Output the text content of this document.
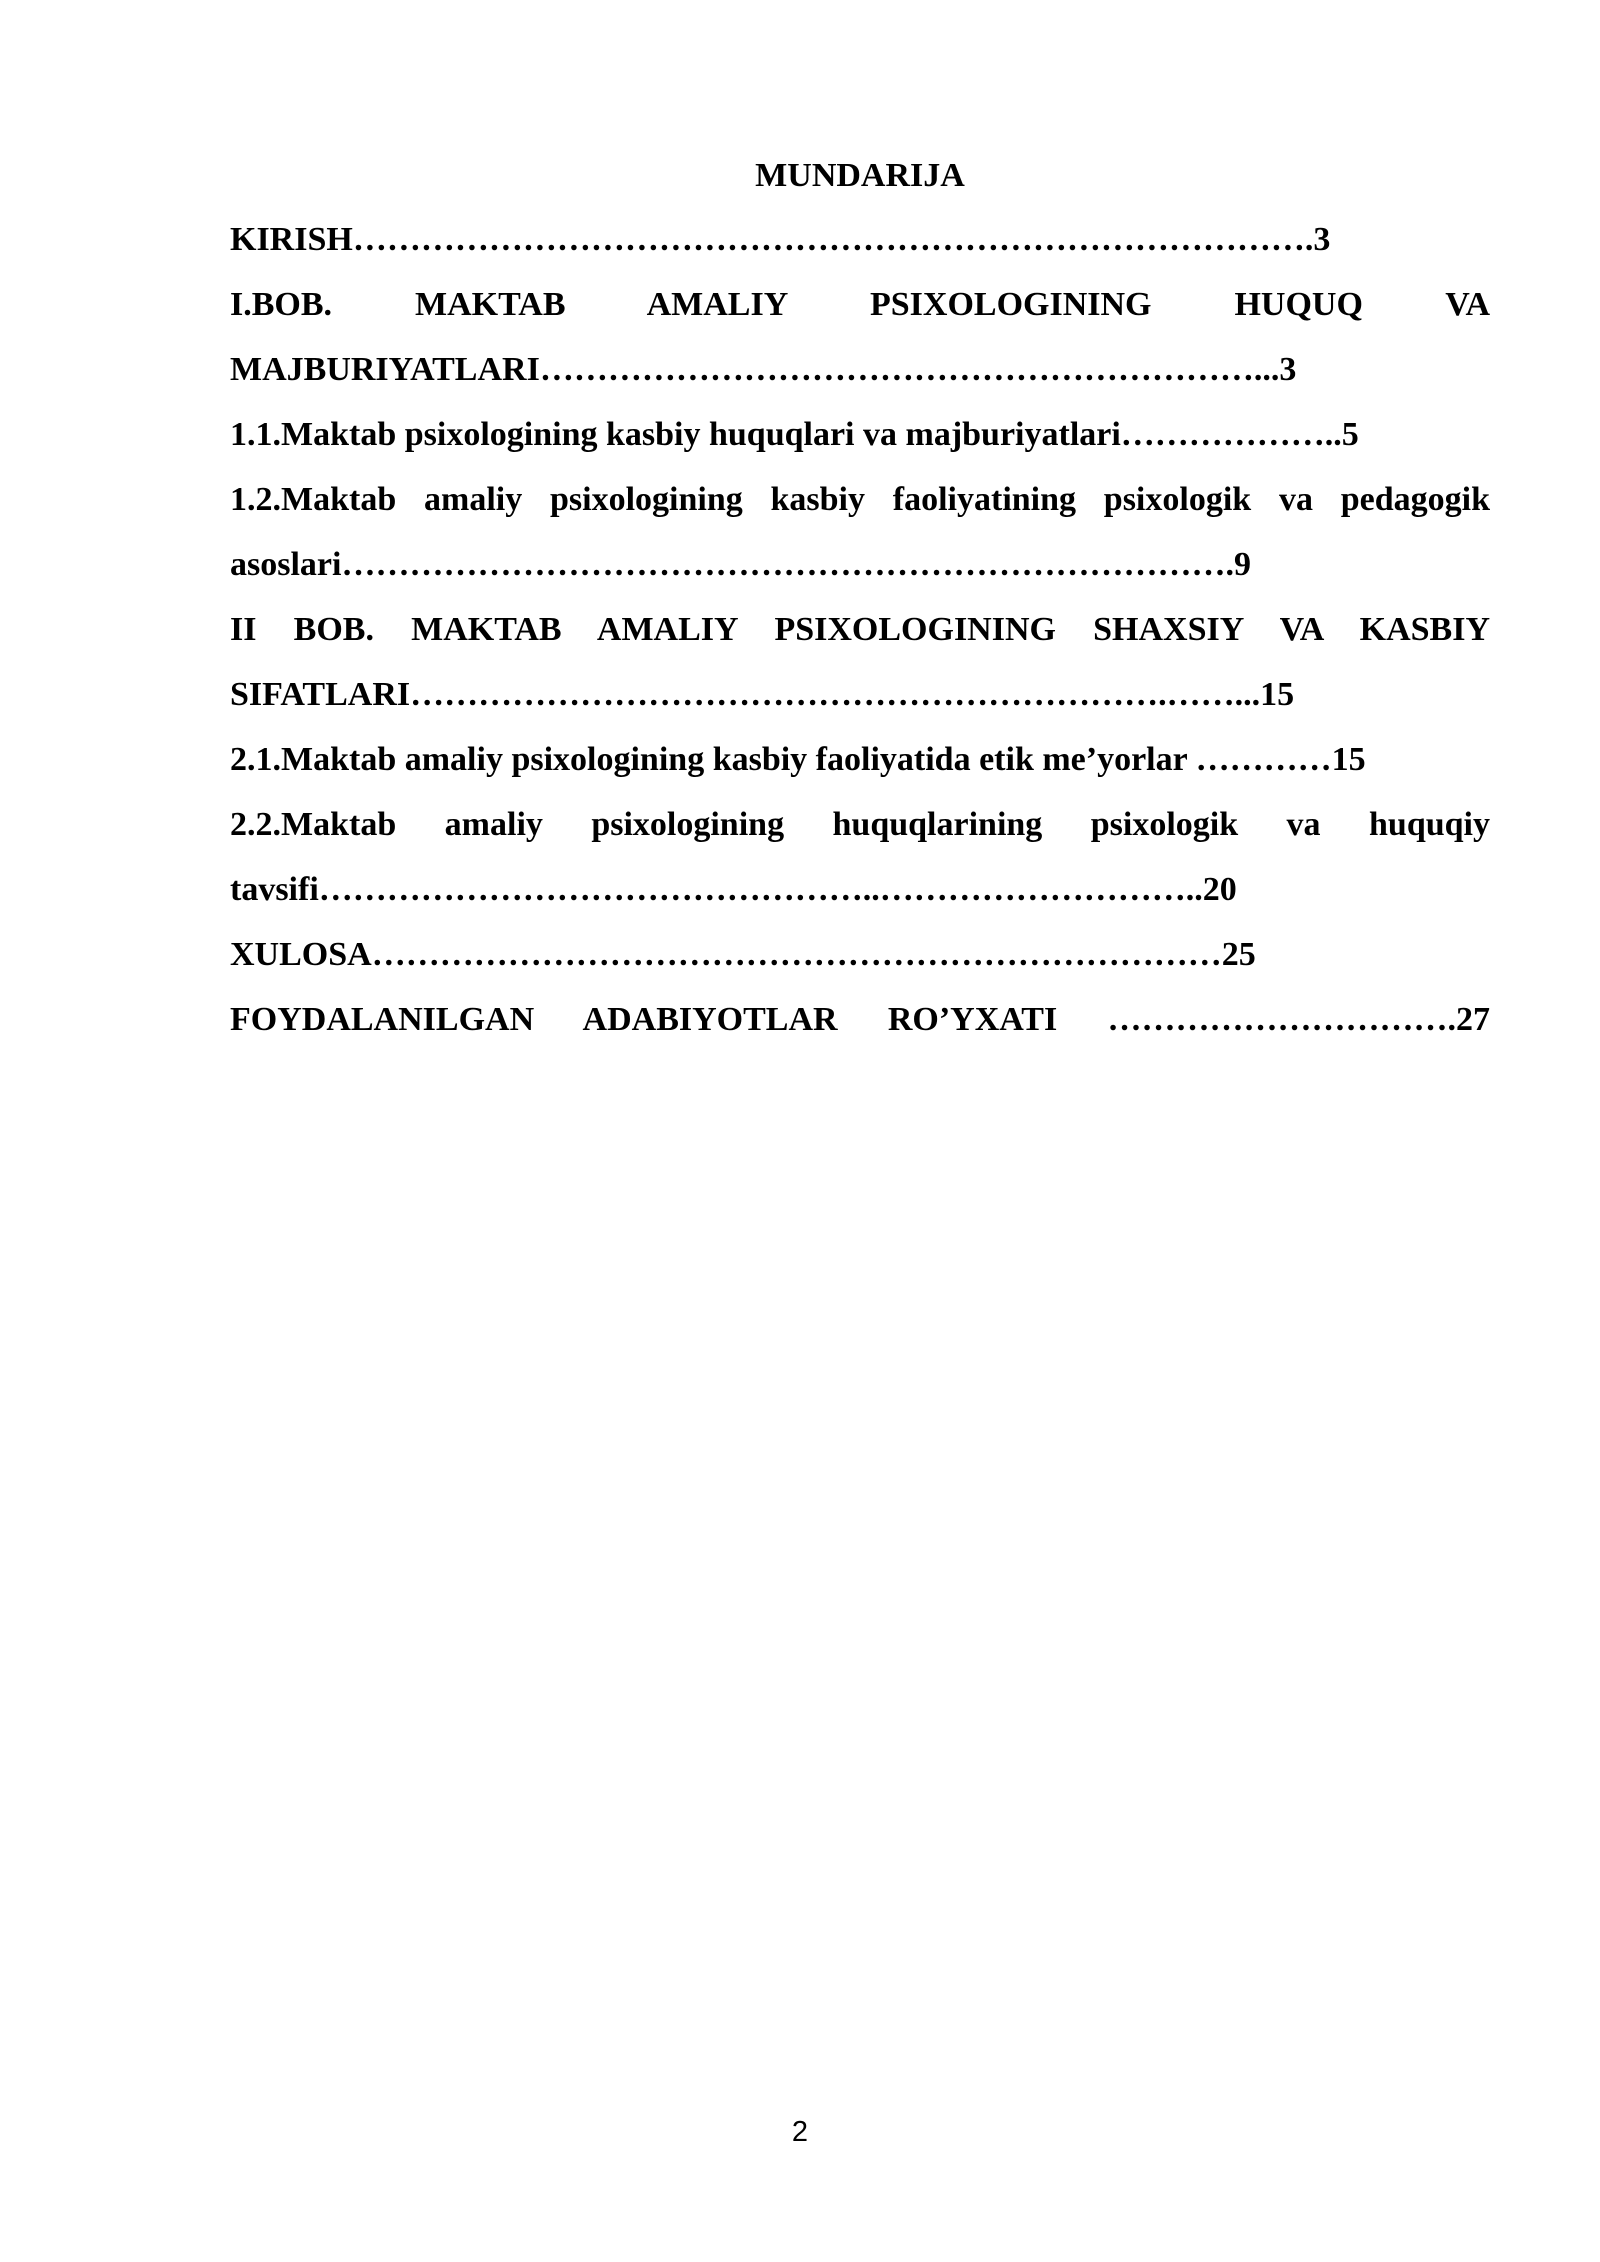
MUNDARIJA
KIRISH………………………………………………………………………….3
I.BOB. MAKTAB AMALIY PSIXOLOGINING HUQUQ VA
MAJBURIYATLARI………………………………………………………...3
1.1.Maktab psixologining kasbiy huquqlari va majburiyatlari………………..5
1.2.Maktab amaliy psixologining kasbiy faoliyatining psixologik va pedagogik
asoslari…………………………………………………………………….9
II BOB. MAKTAB AMALIY PSIXOLOGINING SHAXSIY VA KASBIY
SIFATLARI………………………………………………………….……...15
2.1.Maktab amaliy psixologining kasbiy faoliyatida etik me’yorlar …………15
2.2.Maktab amaliy psixologining huquqlarining psixologik va huquqiy
tavsifi…………………………………………..………………………..20
XULOSA…………………………………………………………………25
FOYDALANILGAN ADABIYOTLAR RO’YXATI ………………………….27
2
